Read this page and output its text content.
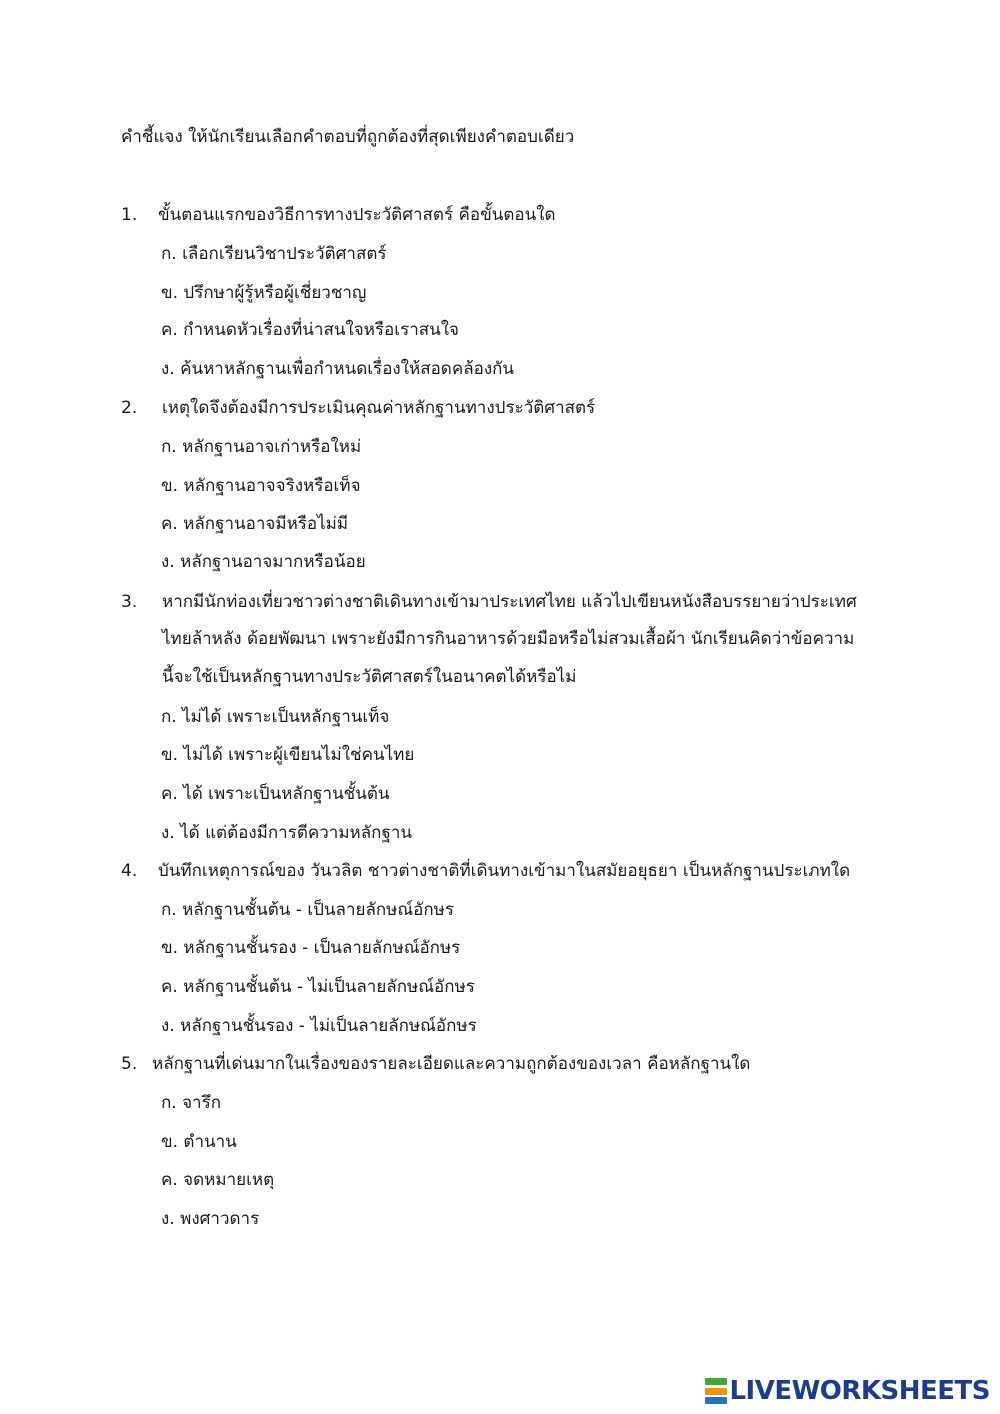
คำชี้แจง ให้นักเรียนเลือกคำตอบที่ถูกต้องที่สุดเพียงคำตอบเดียว
1. ขั้นตอนแรกของวิธีการทางประวัติศาสตร์ คือขั้นตอนใด
ก. เลือกเรียนวิชาประวัติศาสตร์
ข. ปรึกษาผู้รู้หรือผู้เชี่ยวชาญ
ค. กำหนดหัวเรื่องที่น่าสนใจหรือเราสนใจ
ง. ค้นหาหลักฐานเพื่อกำหนดเรื่องให้สอดคล้องกัน
2. เหตุใดจึงต้องมีการประเมินคุณค่าหลักฐานทางประวัติศาสตร์
ก. หลักฐานอาจเก่าหรือใหม่
ข. หลักฐานอาจจริงหรือเท็จ
ค. หลักฐานอาจมีหรือไม่มี
ง. หลักฐานอาจมากหรือน้อย
3. หากมีนักท่องเที่ยวชาวต่างชาติเดินทางเข้ามาประเทศไทย แล้วไปเขียนหนังสือบรรยายว่าประเทศ
ไทยล้าหลัง ด้อยพัฒนา เพราะยังมีการกินอาหารด้วยมือหรือไม่สวมเสื้อผ้า นักเรียนคิดว่าข้อความ
นี้จะใช้เป็นหลักฐานทางประวัติศาสตร์ในอนาคตได้หรือไม่
ก. ไม่ได้ เพราะเป็นหลักฐานเท็จ
ข. ไม่ได้ เพราะผู้เขียนไม่ใช่คนไทย
ค. ได้ เพราะเป็นหลักฐานชั้นต้น
ง. ได้ แต่ต้องมีการตีความหลักฐาน
4. บันทึกเหตุการณ์ของ วันวลิต ชาวต่างชาติที่เดินทางเข้ามาในสมัยอยุธยา เป็นหลักฐานประเภทใด
ก. หลักฐานชั้นต้น - เป็นลายลักษณ์อักษร
ข. หลักฐานชั้นรอง - เป็นลายลักษณ์อักษร
ค. หลักฐานชั้นต้น - ไม่เป็นลายลักษณ์อักษร
ง. หลักฐานชั้นรอง - ไม่เป็นลายลักษณ์อักษร
5. หลักฐานที่เด่นมากในเรื่องของรายละเอียดและความถูกต้องของเวลา คือหลักฐานใด
ก. จารึก
ข. ตำนาน
ค. จดหมายเหตุ
ง. พงศาวดาร
LIVEWORKSHEETS
